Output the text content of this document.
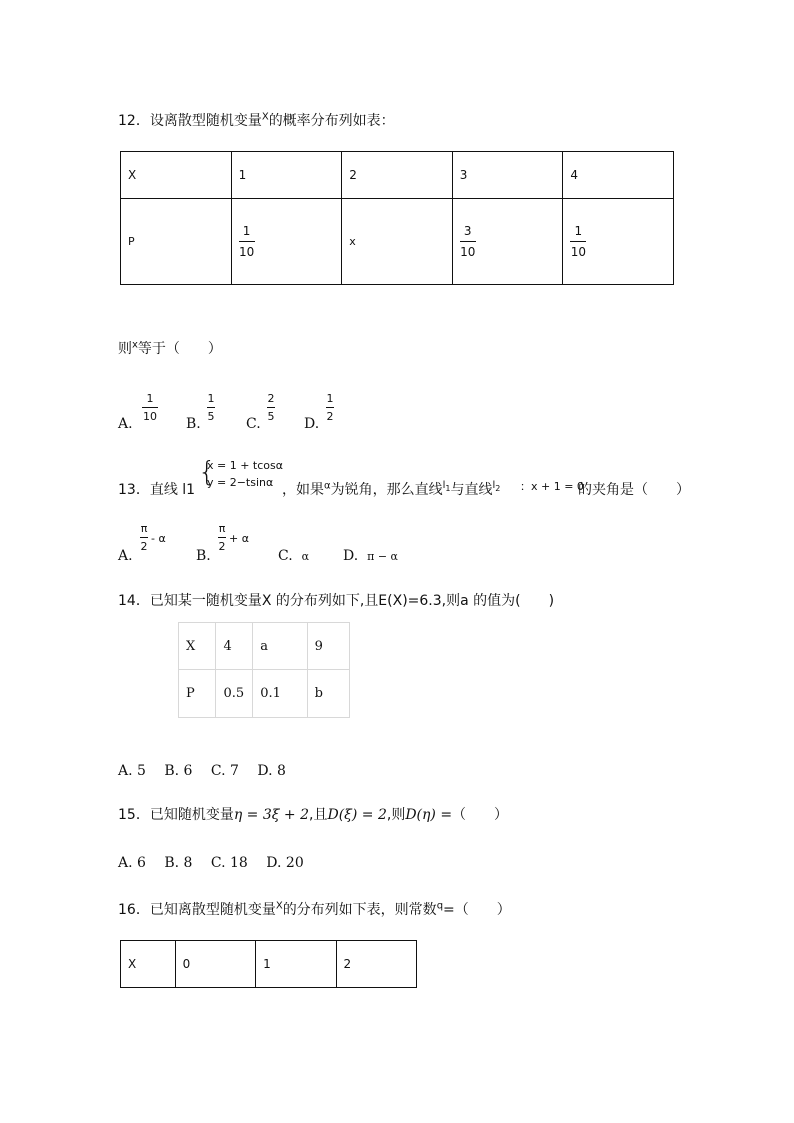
12．设离散型随机变量$^X$的概率分布列如表：
X	1	2	3	4
P	$\frac{1}{10}$	x	$\frac{3}{10}$	$\frac{1}{10}$
则$^x$等于（　　）
A.
1
10 B.
1
5 C.
2
5 D.
1
2
13．直线 l1
{
x = 1 + tcosα
y = 2−tsinα ，如果$^\alpha$为锐角，那么直线$^{l_1}$与直线$^{l_2}$ ：x + 1 = 0
的夹角是（　　）
A.
π
2
- α
B.
π
2
+ α
C. α D. π − α
14．已知某一随机变量X 的分布列如下,且E(X)=6.3,则a 的值为(　　)
X	4	a	9
P	0.5	0.1	b
A. 5　 B. 6　 C. 7　 D. 8
15．已知随机变量η = 3ξ + 2,且D(ξ) = 2,则D(η) =（　　）
A. 6　 B. 8　 C. 18　 D. 20
16．已知离散型随机变量$^X$的分布列如下表，则常数$^q$=（　　）
X	0	1	2
